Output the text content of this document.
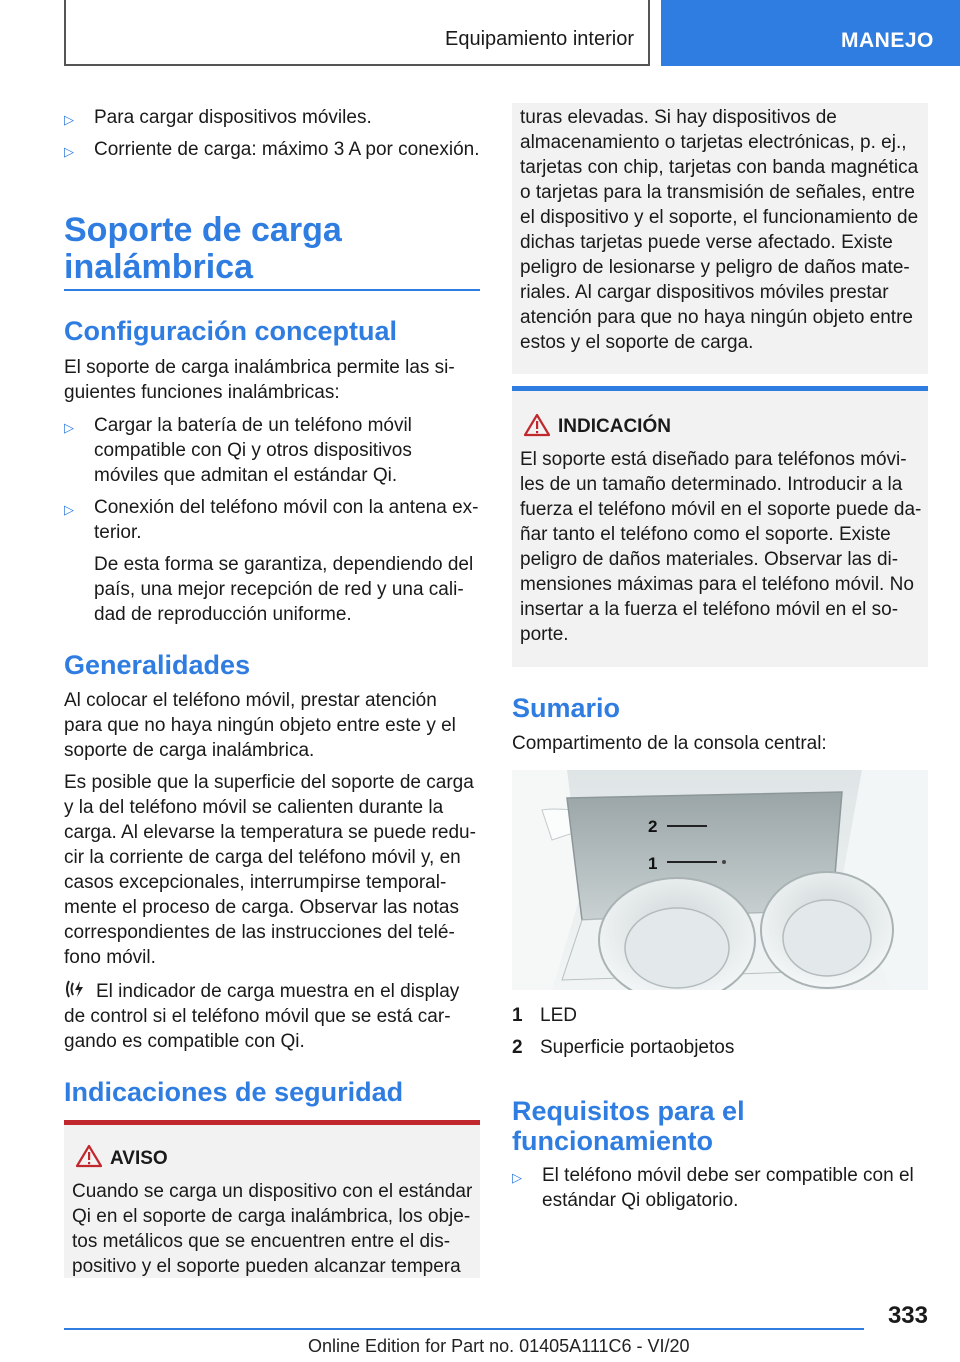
Equipamiento interior	MANEJO
▷ Para cargar dispositivos móviles.
▷ Corriente de carga: máximo 3 A por conexión.
Soporte de carga
inalámbrica
Configuración conceptual
El soporte de carga inalámbrica permite las siguientes funciones inalámbricas:
▷ Cargar la batería de un teléfono móvil compatible con Qi y otros dispositivos móviles que admitan el estándar Qi.
▷ Conexión del teléfono móvil con la antena exterior.
De esta forma se garantiza, dependiendo del país, una mejor recepción de red y una calidad de reproducción uniforme.
Generalidades
Al colocar el teléfono móvil, prestar atención para que no haya ningún objeto entre este y el soporte de carga inalámbrica.
Es posible que la superficie del soporte de carga y la del teléfono móvil se calienten durante la carga. Al elevarse la temperatura se puede reducir la corriente de carga del teléfono móvil y, en casos excepcionales, interrumpirse temporalmente el proceso de carga. Observar las notas correspondientes de las instrucciones del teléfono móvil.
El indicador de carga muestra en el display de control si el teléfono móvil que se está cargando es compatible con Qi.
Indicaciones de seguridad
AVISO
Cuando se carga un dispositivo con el estándar Qi en el soporte de carga inalámbrica, los objetos metálicos que se encuentren entre el dispositivo y el soporte pueden alcanzar tempera
turas elevadas. Si hay dispositivos de almacenamiento o tarjetas electrónicas, p. ej., tarjetas con chip, tarjetas con banda magnética o tarjetas para la transmisión de señales, entre el dispositivo y el soporte, el funcionamiento de dichas tarjetas puede verse afectado. Existe peligro de lesionarse y peligro de daños materiales. Al cargar dispositivos móviles prestar atención para que no haya ningún objeto entre estos y el soporte de carga.
INDICACIÓN
El soporte está diseñado para teléfonos móviles de un tamaño determinado. Introducir a la fuerza el teléfono móvil en el soporte puede dañar tanto el teléfono como el soporte. Existe peligro de daños materiales. Observar las dimensiones máximas para el teléfono móvil. No insertar a la fuerza el teléfono móvil en el soporte.
Sumario
Compartimento de la consola central:
2
1
1 LED
2 Superficie portaobjetos
Requisitos para el
funcionamiento
▷ El teléfono móvil debe ser compatible con el estándar Qi obligatorio.
333
Online Edition for Part no. 01405A111C6 - VI/20
